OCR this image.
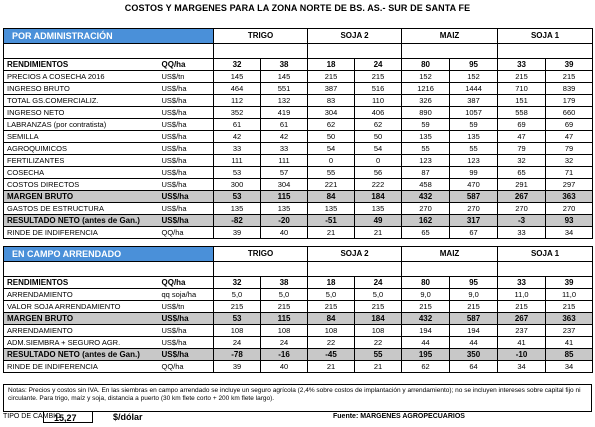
COSTOS Y MARGENES PARA LA ZONA NORTE DE BS. AS.- SUR DE SANTA FE
POR ADMINISTRACIÓN		TRIGO		SOJA 2		MAIZ		SOJA 1	

RENDIMIENTOS	QQ/ha	32	38	18	24	80	95	33	39
PRECIOS A COSECHA 2016	US$/tn	145	145	215	215	152	152	215	215
INGRESO BRUTO	US$/ha	464	551	387	516	1216	1444	710	839
TOTAL GS.COMERCIALIZ.	US$/ha	112	132	83	110	326	387	151	179
INGRESO NETO	US$/ha	352	419	304	406	890	1057	558	660
LABRANZAS (por contratista)	US$/ha	61	61	62	62	59	59	69	69
SEMILLA	US$/ha	42	42	50	50	135	135	47	47
AGROQUIMICOS	US$/ha	33	33	54	54	55	55	79	79
FERTILIZANTES	US$/ha	111	111	0	0	123	123	32	32
COSECHA	US$/ha	53	57	55	56	87	99	65	71
COSTOS DIRECTOS	US$/ha	300	304	221	222	458	470	291	297
MARGEN BRUTO	US$/ha	53	115	84	184	432	587	267	363
GASTOS DE ESTRUCTURA	US$/ha	135	135	135	135	270	270	270	270
RESULTADO NETO (antes de Gan.)	US$/ha	-82	-20	-51	49	162	317	-3	93
RINDE DE INDIFERENCIA	QQ/ha	39	40	21	21	65	67	33	34
EN CAMPO ARRENDADO		TRIGO		SOJA 2		MAIZ		SOJA 1	

RENDIMIENTOS	QQ/ha	32	38	18	24	80	95	33	39
ARRENDAMIENTO	qq soja/ha	5,0	5,0	5,0	5,0	9,0	9,0	11,0	11,0
VALOR SOJA ARRENDAMIENTO	US$/tn	215	215	215	215	215	215	215	215
MARGEN BRUTO	US$/ha	53	115	84	184	432	587	267	363
ARRENDAMIENTO	US$/ha	108	108	108	108	194	194	237	237
ADM.SIEMBRA + SEGURO AGR.	US$/ha	24	24	22	22	44	44	41	41
RESULTADO NETO (antes de Gan.)	US$/ha	-78	-16	-45	55	195	350	-10	85
RINDE DE INDIFERENCIA	QQ/ha	39	40	21	21	62	64	34	34
Notas: Precios y costos sin IVA. En las siembras en campo arrendado se incluye un seguro agrícola (2,4% sobre costos de implantación y arrendamiento); no se incluyen intereses sobre capital fijo ni circulante. Para trigo, maíz y soja, distancia a puerto (30 km flete corto + 200 km flete largo).
TIPO DE CAMBIO
15,27	$/dólar	Fuente: MARGENES AGROPECUARIOS
